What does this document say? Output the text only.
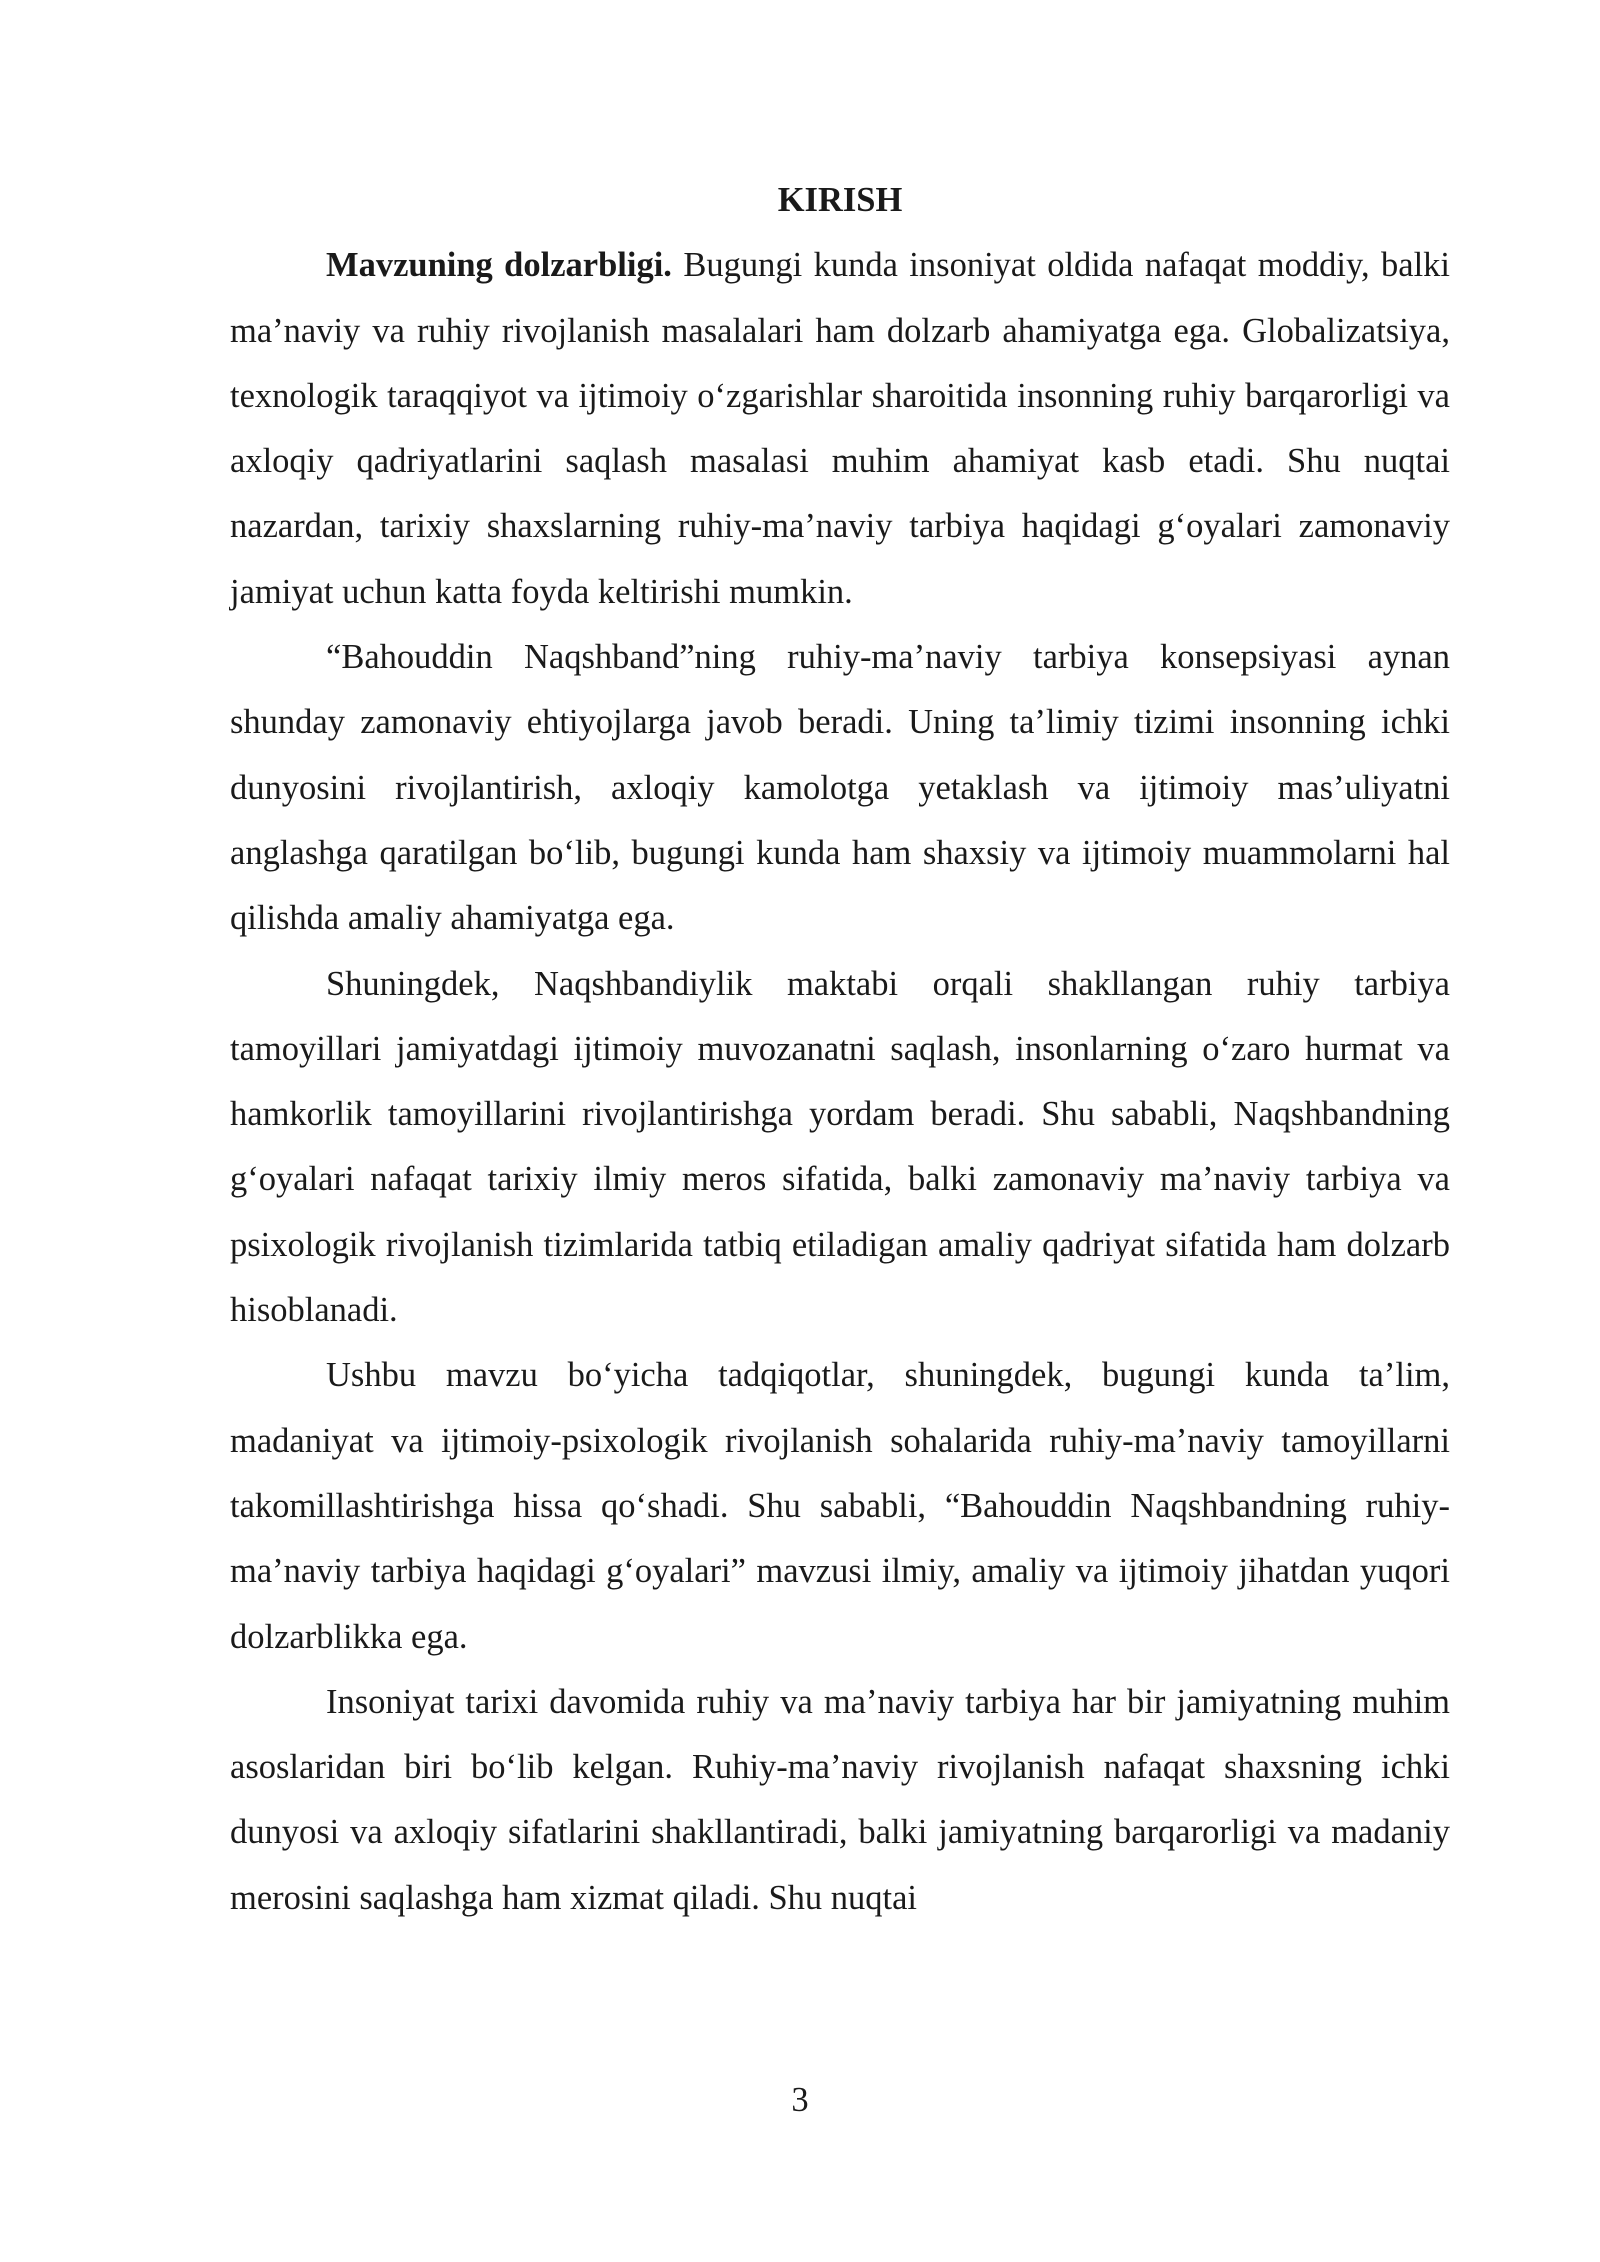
KIRISH

Mavzuning dolzarbligi. Bugungi kunda insoniyat oldida nafaqat moddiy, balki ma’naviy va ruhiy rivojlanish masalalari ham dolzarb ahamiyatga ega. Globalizatsiya, texnologik taraqqiyot va ijtimoiy o‘zgarishlar sharoitida insonning ruhiy barqarorligi va axloqiy qadriyatlarini saqlash masalasi muhim ahamiyat kasb etadi. Shu nuqtai nazardan, tarixiy shaxslarning ruhiy-ma’naviy tarbiya haqidagi g‘oyalari zamonaviy jamiyat uchun katta foyda keltirishi mumkin.

“Bahouddin Naqshband”ning ruhiy-ma’naviy tarbiya konsepsiyasi aynan shunday zamonaviy ehtiyojlarga javob beradi. Uning ta’limiy tizimi insonning ichki dunyosini rivojlantirish, axloqiy kamolotga yetaklash va ijtimoiy mas’uliyatni anglashga qaratilgan bo‘lib, bugungi kunda ham shaxsiy va ijtimoiy muammolarni hal qilishda amaliy ahamiyatga ega.

Shuningdek, Naqshbandiylik maktabi orqali shakllangan ruhiy tarbiya tamoyillari jamiyatdagi ijtimoiy muvozanatni saqlash, insonlarning o‘zaro hurmat va hamkorlik tamoyillarini rivojlantirishga yordam beradi. Shu sababli, Naqshbandning g‘oyalari nafaqat tarixiy ilmiy meros sifatida, balki zamonaviy ma’naviy tarbiya va psixologik rivojlanish tizimlarida tatbiq etiladigan amaliy qadriyat sifatida ham dolzarb hisoblanadi.

Ushbu mavzu bo‘yicha tadqiqotlar, shuningdek, bugungi kunda ta’lim, madaniyat va ijtimoiy-psixologik rivojlanish sohalarida ruhiy-ma’naviy tamoyillarni takomillashtirishga hissa qo‘shadi. Shu sababli, “Bahouddin Naqshbandning ruhiy-ma’naviy tarbiya haqidagi g‘oyalari” mavzusi ilmiy, amaliy va ijtimoiy jihatdan yuqori dolzarblikka ega.

Insoniyat tarixi davomida ruhiy va ma’naviy tarbiya har bir jamiyatning muhim asoslaridan biri bo‘lib kelgan. Ruhiy-ma’naviy rivojlanish nafaqat shaxsning ichki dunyosi va axloqiy sifatlarini shakllantiradi, balki jamiyatning barqarorligi va madaniy merosini saqlashga ham xizmat qiladi. Shu nuqtai

3
